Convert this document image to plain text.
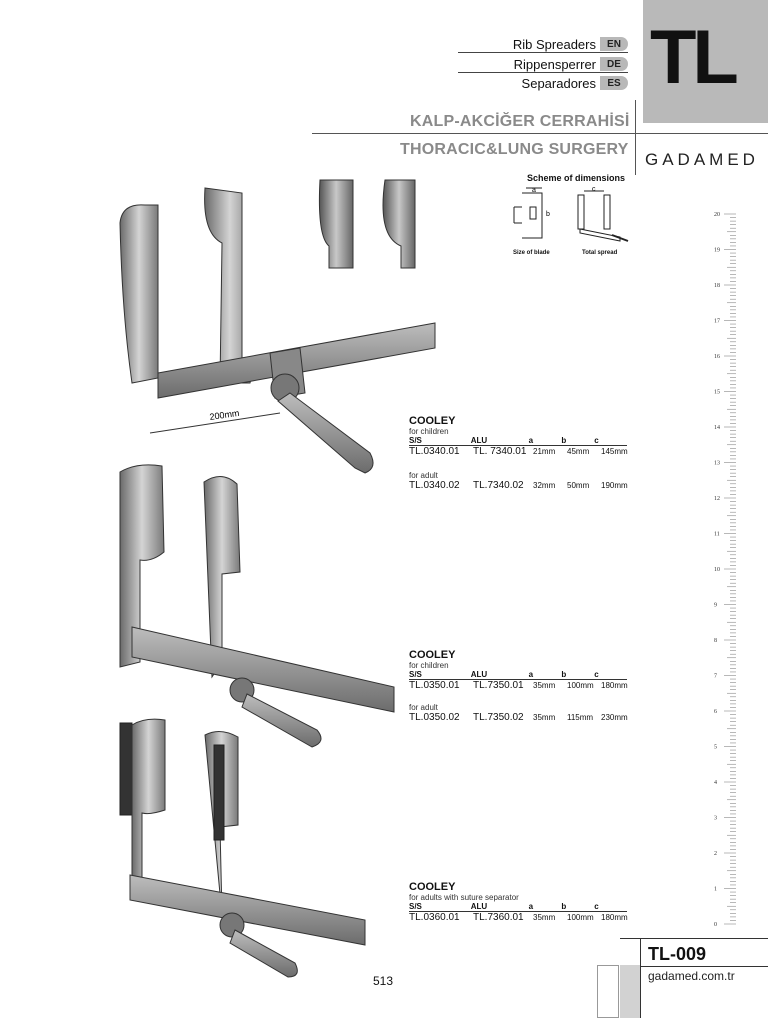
TL
Rib Spreaders	EN
Rippensperrer	DE
Separadores	ES
KALP-AKCİĞER CERRAHİSİ
THORACIC&LUNG SURGERY
GADAMED
Scheme of dimensions
a
b
c
Size of blade	Total spread
200mm	COOLEY
for children
S/S	ALU	a	b	c
TL.0340.01	TL. 7340.01 21mm	45mm	145mm
for adult
TL.0340.02	TL.7340.02	32mm	50mm	190mm
COOLEY
for children
S/S	ALU	a	b	c
TL.0350.01	TL.7350.01	35mm	100mm 180mm
for adult
TL.0350.02	TL.7350.02	35mm	115mm 230mm
COOLEY
for adults with suture separator
S/S	ALU	a	b	c
TL.0360.01	TL.7360.01	35mm	100mm 180mm
20
19
18
17
16
15
14
13
12
11
10
9
8
7
6
5
4
3
2
1
0
TL-009
gadamed.com.tr
513
